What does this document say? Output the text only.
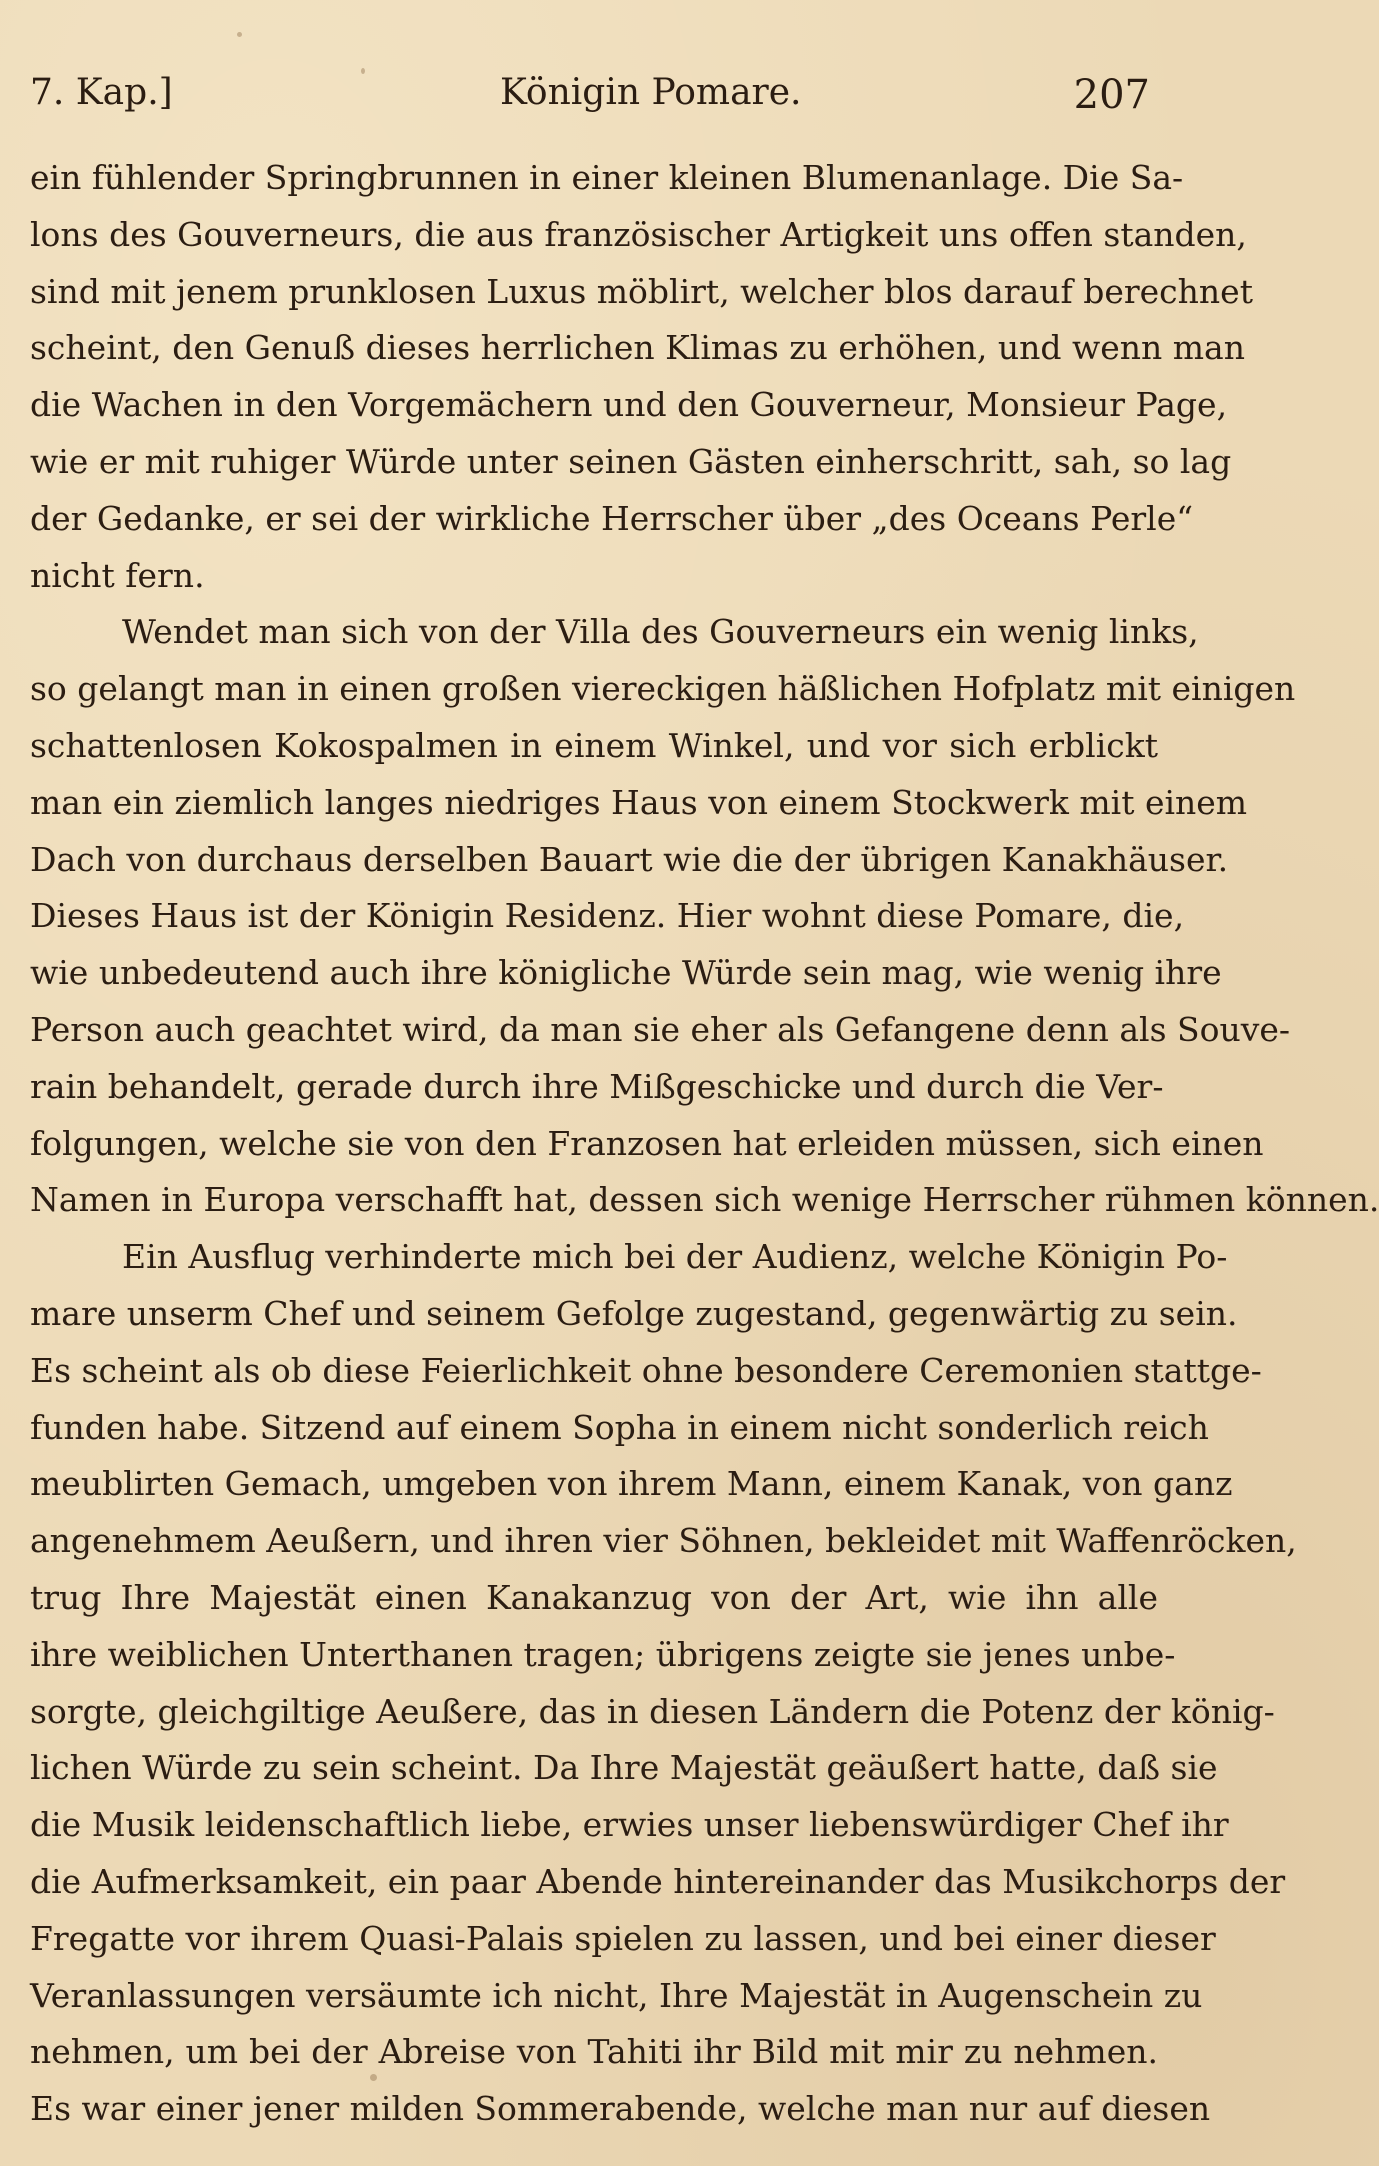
7. Kap.]	Königin Pomare.	207
ein fühlender Springbrunnen in einer kleinen Blumenanlage. Die Sa-
lons des Gouverneurs, die aus französischer Artigkeit uns offen standen,
sind mit jenem prunklosen Luxus möblirt, welcher blos darauf berechnet
scheint, den Genuß dieses herrlichen Klimas zu erhöhen, und wenn man
die Wachen in den Vorgemächern und den Gouverneur, Monsieur Page,
wie er mit ruhiger Würde unter seinen Gästen einherschritt, sah, so lag
der Gedanke, er sei der wirkliche Herrscher über „des Oceans Perle“
nicht fern.
Wendet man sich von der Villa des Gouverneurs ein wenig links,
so gelangt man in einen großen viereckigen häßlichen Hofplatz mit einigen
schattenlosen Kokospalmen in einem Winkel, und vor sich erblickt
man ein ziemlich langes niedriges Haus von einem Stockwerk mit einem
Dach von durchaus derselben Bauart wie die der übrigen Kanakhäuser.
Dieses Haus ist der Königin Residenz. Hier wohnt diese Pomare, die,
wie unbedeutend auch ihre königliche Würde sein mag, wie wenig ihre
Person auch geachtet wird, da man sie eher als Gefangene denn als Souve-
rain behandelt, gerade durch ihre Mißgeschicke und durch die Ver-
folgungen, welche sie von den Franzosen hat erleiden müssen, sich einen
Namen in Europa verschafft hat, dessen sich wenige Herrscher rühmen können.
Ein Ausflug verhinderte mich bei der Audienz, welche Königin Po-
mare unserm Chef und seinem Gefolge zugestand, gegenwärtig zu sein.
Es scheint als ob diese Feierlichkeit ohne besondere Ceremonien stattge-
funden habe. Sitzend auf einem Sopha in einem nicht sonderlich reich
meublirten Gemach, umgeben von ihrem Mann, einem Kanak, von ganz
angenehmem Aeußern, und ihren vier Söhnen, bekleidet mit Waffenröcken,
trug Ihre Majestät einen Kanakanzug von der Art, wie ihn alle
ihre weiblichen Unterthanen tragen; übrigens zeigte sie jenes unbe-
sorgte, gleichgiltige Aeußere, das in diesen Ländern die Potenz der könig-
lichen Würde zu sein scheint. Da Ihre Majestät geäußert hatte, daß sie
die Musik leidenschaftlich liebe, erwies unser liebenswürdiger Chef ihr
die Aufmerksamkeit, ein paar Abende hintereinander das Musikchorps der
Fregatte vor ihrem Quasi-Palais spielen zu lassen, und bei einer dieser
Veranlassungen versäumte ich nicht, Ihre Majestät in Augenschein zu
nehmen, um bei der Abreise von Tahiti ihr Bild mit mir zu nehmen.
Es war einer jener milden Sommerabende, welche man nur auf diesen
